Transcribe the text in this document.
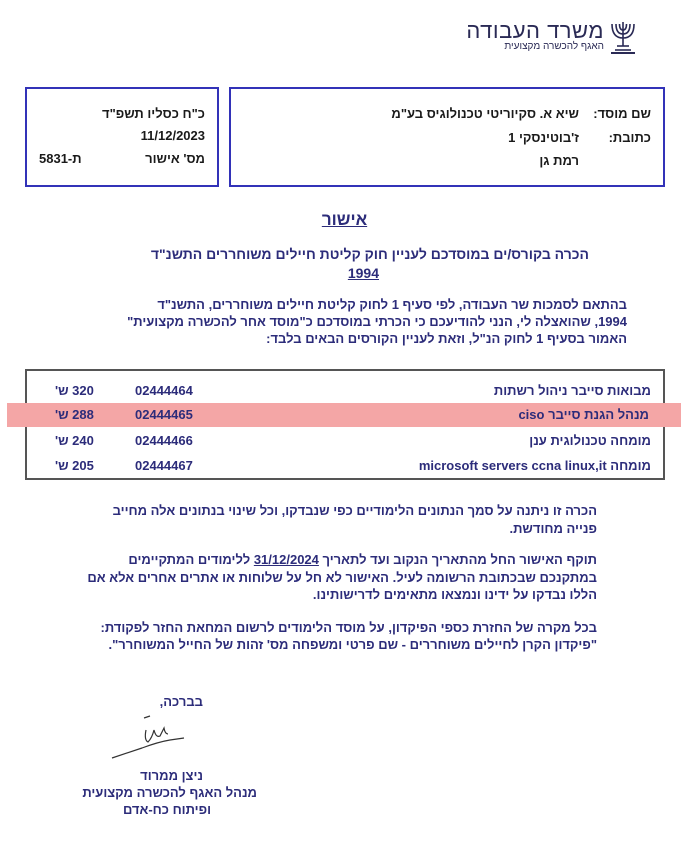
משרד העבודה
האגף להכשרה מקצועית
שם מוסד:
שיא א. סקיוריטי טכנולוגיס בע"מ
כתובת:
ז'בוטינסקי 1
רמת גן
כ"ח כסליו תשפ"ד
11/12/2023
מס' אישור
ת-5831
אישור
הכרה בקורס/ים במוסדכם לעניין חוק קליטת חיילים משוחררים התשנ"ד
1994
בהתאם לסמכות שר העבודה, לפי סעיף 1 לחוק קליטת חיילים משוחררים, התשנ"ד
1994, שהואצלה לי, הנני להודיעכם כי הכרתי במוסדכם כ"מוסד אחר להכשרה מקצועית"
האמור בסעיף 1 לחוק הנ"ל, וזאת לעניין הקורסים הבאים בלבד:
מבואות סייבר ניהול רשתות
02444464
320 ש'
מנהל הגנת סייבר ciso
02444465
288 ש'
מומחה טכנולוגית ענן
02444466
240 ש'
מומחה microsoft servers ccna linux,it
02444467
205 ש'
הכרה זו ניתנה על סמך הנתונים הלימודיים כפי שנבדקו, וכל שינוי בנתונים אלה מחייב
פנייה מחודשת.
תוקף האישור החל מהתאריך הנקוב ועד לתאריך 31/12/2024 ללימודים המתקיימים
במתקנכם שבכתובת הרשומה לעיל. האישור לא חל על שלוחות או אתרים אחרים אלא אם
הללו נבדקו על ידינו ונמצאו מתאימים לדרישותינו.
בכל מקרה של החזרת כספי הפיקדון, על מוסד הלימודים לרשום המחאת החזר לפקודת:
"פיקדון הקרן לחיילים משוחררים - שם פרטי ומשפחה מס' זהות של החייל המשוחרר".
בברכה,
ניצן ממרוד
מנהל האגף להכשרה מקצועית
ופיתוח כח-אדם
